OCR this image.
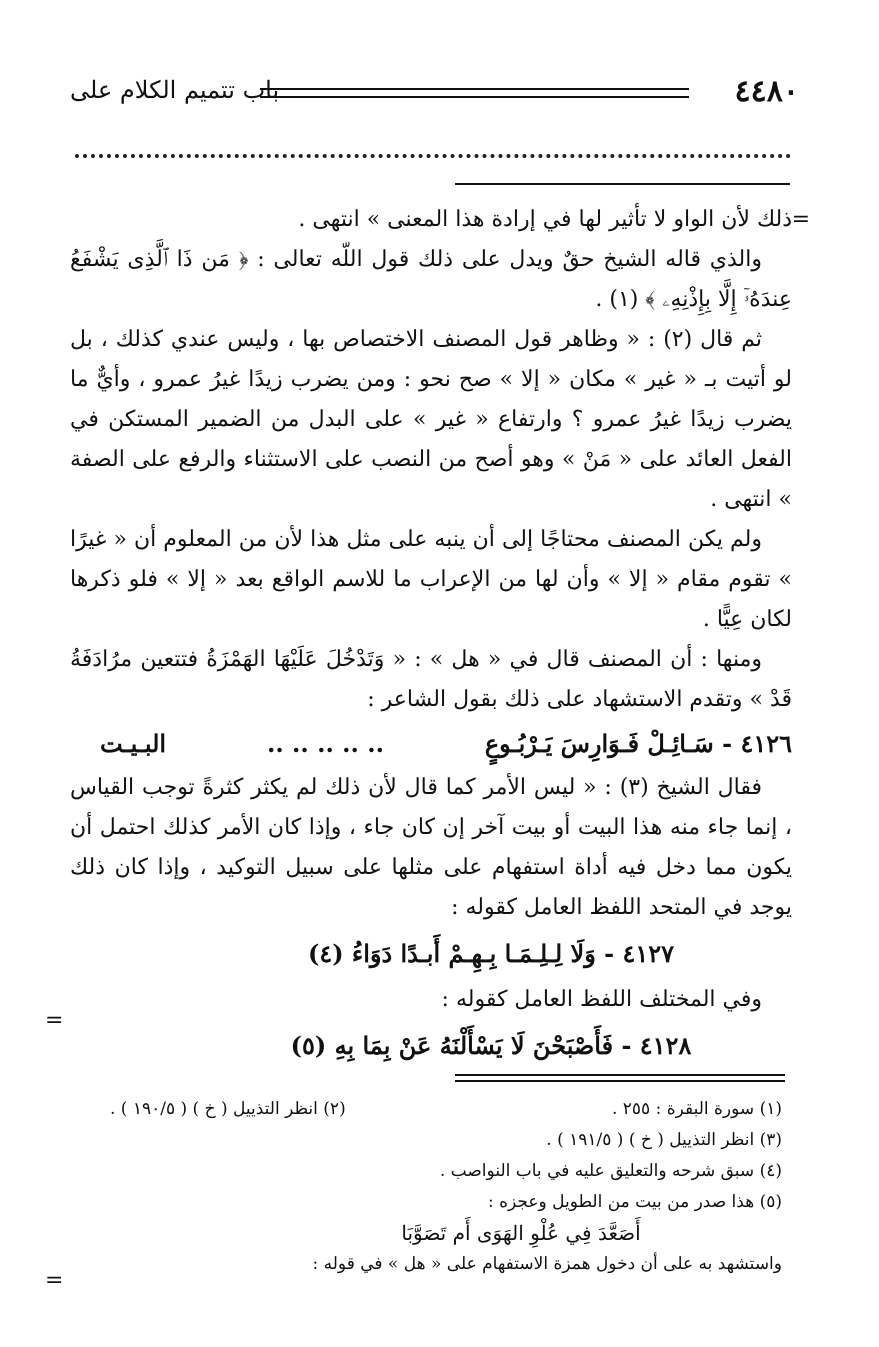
٤٤٨٠
باب تتميم الكلام على
=

ذلك لأن الواو لا تأثير لها في إرادة هذا المعنى » انتهى .

والذي قاله الشيخ حقٌ ويدل على ذلك قول اللّه تعالى : ﴿ مَن ذَا ٱلَّذِى يَشْفَعُ عِندَهُۥٓ إِلَّا بِإِذْنِهِۦ ﴾ (١) .

ثم قال (٢) : « وظاهر قول المصنف الاختصاص بها ، وليس عندي كذلك ، بل لو أتيت بـ « غير » مكان « إلا » صح نحو : ومن يضرب زيدًا غيرُ عمرو ، وأيٌّ ما يضرب زيدًا غيرُ عمرو ؟ وارتفاع « غير » على البدل من الضمير المستكن في الفعل العائد على « مَنْ » وهو أصح من النصب على الاستثناء والرفع على الصفة » انتهى .

ولم يكن المصنف محتاجًا إلى أن ينبه على مثل هذا لأن من المعلوم أن « غيرًا » تقوم مقام « إلا » وأن لها من الإعراب ما للاسم الواقع بعد « إلا » فلو ذكرها لكان عِيًّا .

ومنها : أن المصنف قال في « هل » : « وَتَدْخُلَ عَلَيْهَا الهَمْزَةُ فتتعين مرُادَفَةُ قَدْ » وتقدم الاستشهاد على ذلك بقول الشاعر :

٤١٢٦ - سَـائِـلْ فَـوَارِسَ يَـرْبُـوعٍ
.. .. .. .. ..
البـيـت

فقال الشيخ (٣) : « ليس الأمر كما قال لأن ذلك لم يكثر كثرةً توجب القياس ، إنما جاء منه هذا البيت أو بيت آخر إن كان جاء ، وإذا كان الأمر كذلك احتمل أن يكون مما دخل فيه أداة استفهام على مثلها على سبيل التوكيد ، وإذا كان ذلك يوجد في المتحد اللفظ العامل كقوله :

٤١٢٧ - وَلَا لِـلِـمَـا بِـهِـمْ أَبـدًا دَوَاءُ (٤)

وفي المختلف اللفظ العامل كقوله :

٤١٢٨ - فَأَصْبَحْنَ لَا يَسْأَلْنَهُ عَنْ بِمَا بِهِ (٥)
=
=
(١) سورة البقرة : ٢٥٥ .
(٢) انظر التذييل ( خ ) ( ١٩٠/٥ ) .
(٣) انظر التذييل ( خ ) ( ١٩١/٥ ) .
(٤) سبق شرحه والتعليق عليه في باب النواصب .
(٥) هذا صدر من بيت من الطويل وعجزه :
أَصَعَّدَ فِي عُلْوِ الهَوَى أَم تَصَوَّبَا
واستشهد به على أن دخول همزة الاستفهام على « هل » في قوله :
